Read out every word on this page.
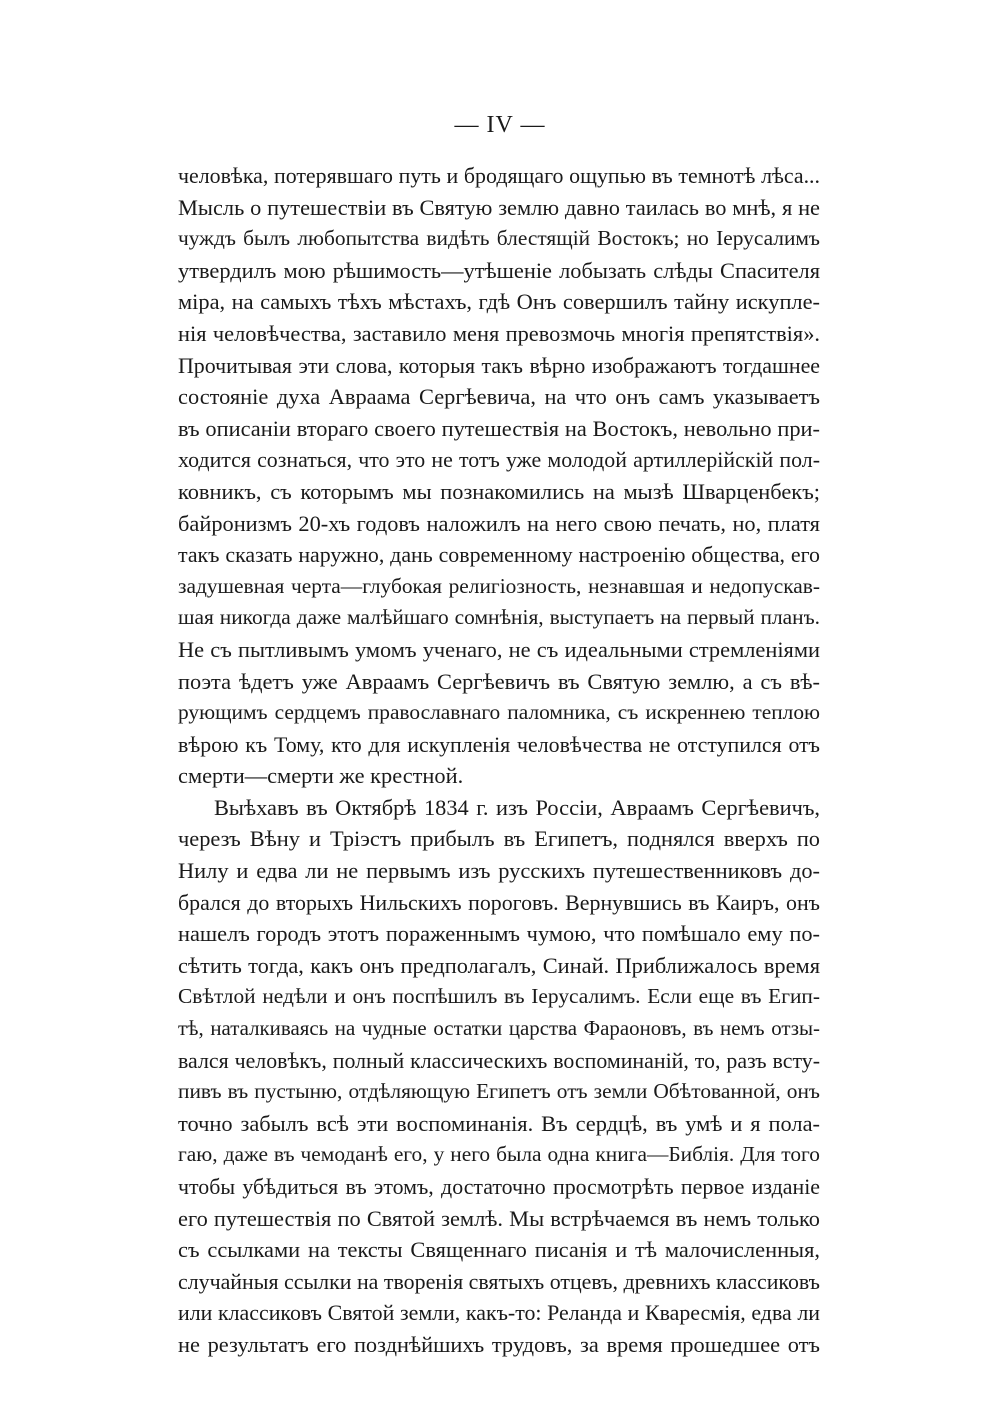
— IV —
человѣка, потерявшаго путь и бродящаго ощупью въ темнотѣ лѣса...
Мысль о путешествіи въ Святую землю давно таилась во мнѣ, я не
чуждъ былъ любопытства видѣть блестящій Востокъ; но Іерусалимъ
утвердилъ мою рѣшимость—утѣшеніе лобызать слѣды Спасителя
міра, на самыхъ тѣхъ мѣстахъ, гдѣ Онъ совершилъ тайну искупле-
нія человѣчества, заставило меня превозмочь многія препятствія».
Прочитывая эти слова, которыя такъ вѣрно изображаютъ тогдашнее
состояніе духа Авраама Сергѣевича, на что онъ самъ указываетъ
въ описаніи втораго своего путешествія на Востокъ, невольно при-
ходится сознаться, что это не тотъ уже молодой артиллерійскій пол-
ковникъ, съ которымъ мы познакомились на мызѣ Шварценбекъ;
байронизмъ 20-хъ годовъ наложилъ на него свою печать, но, платя
такъ сказать наружно, дань современному настроенію общества, его
задушевная черта—глубокая религіозность, незнавшая и недопускав-
шая никогда даже малѣйшаго сомнѣнія, выступаетъ на первый планъ.
Не съ пытливымъ умомъ ученаго, не съ идеальными стремленіями
поэта ѣдетъ уже Авраамъ Сергѣевичъ въ Святую землю, а съ вѣ-
рующимъ сердцемъ православнаго паломника, съ искреннею теплою
вѣрою къ Тому, кто для искупленія человѣчества не отступился отъ
смерти—смерти же крестной.
Выѣхавъ въ Октябрѣ 1834 г. изъ Россіи, Авраамъ Сергѣевичъ,
черезъ Вѣну и Тріэстъ прибылъ въ Египетъ, поднялся вверхъ по
Нилу и едва ли не первымъ изъ русскихъ путешественниковъ до-
брался до вторыхъ Нильскихъ пороговъ. Вернувшись въ Каиръ, онъ
нашелъ городъ этотъ пораженнымъ чумою, что помѣшало ему по-
сѣтить тогда, какъ онъ предполагалъ, Синай. Приближалось время
Свѣтлой недѣли и онъ поспѣшилъ въ Іерусалимъ. Если еще въ Егип-
тѣ, наталкиваясь на чудные остатки царства Фараоновъ, въ немъ отзы-
вался человѣкъ, полный классическихъ воспоминаній, то, разъ всту-
пивъ въ пустыню, отдѣляющую Египетъ отъ земли Обѣтованной, онъ
точно забылъ всѣ эти воспоминанія. Въ сердцѣ, въ умѣ и я пола-
гаю, даже въ чемоданѣ его, у него была одна книга—Библія. Для того
чтобы убѣдиться въ этомъ, достаточно просмотрѣть первое изданіе
его путешествія по Святой землѣ. Мы встрѣчаемся въ немъ только
съ ссылками на тексты Священнаго писанія и тѣ малочисленныя,
случайныя ссылки на творенія святыхъ отцевъ, древнихъ классиковъ
или классиковъ Святой земли, какъ-то: Реланда и Кваресмія, едва ли
не результатъ его позднѣйшихъ трудовъ, за время прошедшее отъ
